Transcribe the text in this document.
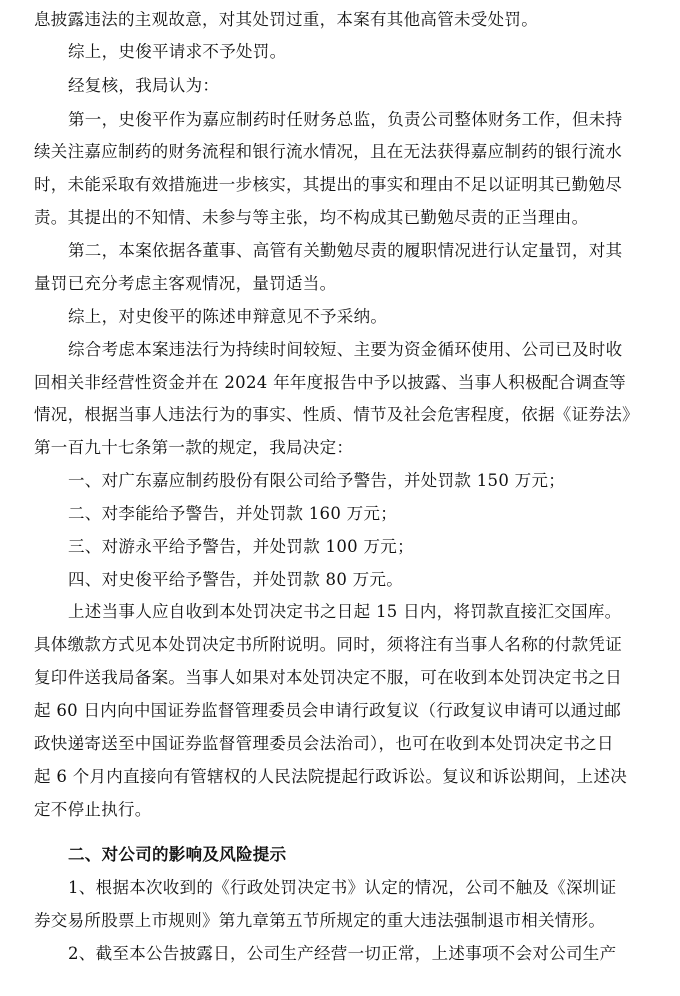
息披露违法的主观故意，对其处罚过重，本案有其他高管未受处罚。
综上，史俊平请求不予处罚。
经复核，我局认为：
第一，史俊平作为嘉应制药时任财务总监，负责公司整体财务工作，但未持
续关注嘉应制药的财务流程和银行流水情况，且在无法获得嘉应制药的银行流水
时，未能采取有效措施进一步核实，其提出的事实和理由不足以证明其已勤勉尽
责。其提出的不知情、未参与等主张，均不构成其已勤勉尽责的正当理由。
第二，本案依据各董事、高管有关勤勉尽责的履职情况进行认定量罚，对其
量罚已充分考虑主客观情况，量罚适当。
综上，对史俊平的陈述申辩意见不予采纳。
综合考虑本案违法行为持续时间较短、主要为资金循环使用、公司已及时收
回相关非经营性资金并在 2024 年年度报告中予以披露、当事人积极配合调查等
情况，根据当事人违法行为的事实、性质、情节及社会危害程度，依据《证券法》
第一百九十七条第一款的规定，我局决定：
一、对广东嘉应制药股份有限公司给予警告，并处罚款 150 万元；
二、对李能给予警告，并处罚款 160 万元；
三、对游永平给予警告，并处罚款 100 万元；
四、对史俊平给予警告，并处罚款 80 万元。
上述当事人应自收到本处罚决定书之日起 15 日内，将罚款直接汇交国库。
具体缴款方式见本处罚决定书所附说明。同时，须将注有当事人名称的付款凭证
复印件送我局备案。当事人如果对本处罚决定不服，可在收到本处罚决定书之日
起 60 日内向中国证券监督管理委员会申请行政复议（行政复议申请可以通过邮
政快递寄送至中国证券监督管理委员会法治司），也可在收到本处罚决定书之日
起 6 个月内直接向有管辖权的人民法院提起行政诉讼。复议和诉讼期间，上述决
定不停止执行。
二、对公司的影响及风险提示
1、根据本次收到的《行政处罚决定书》认定的情况，公司不触及《深圳证
券交易所股票上市规则》第九章第五节所规定的重大违法强制退市相关情形。
2、截至本公告披露日，公司生产经营一切正常，上述事项不会对公司生产
